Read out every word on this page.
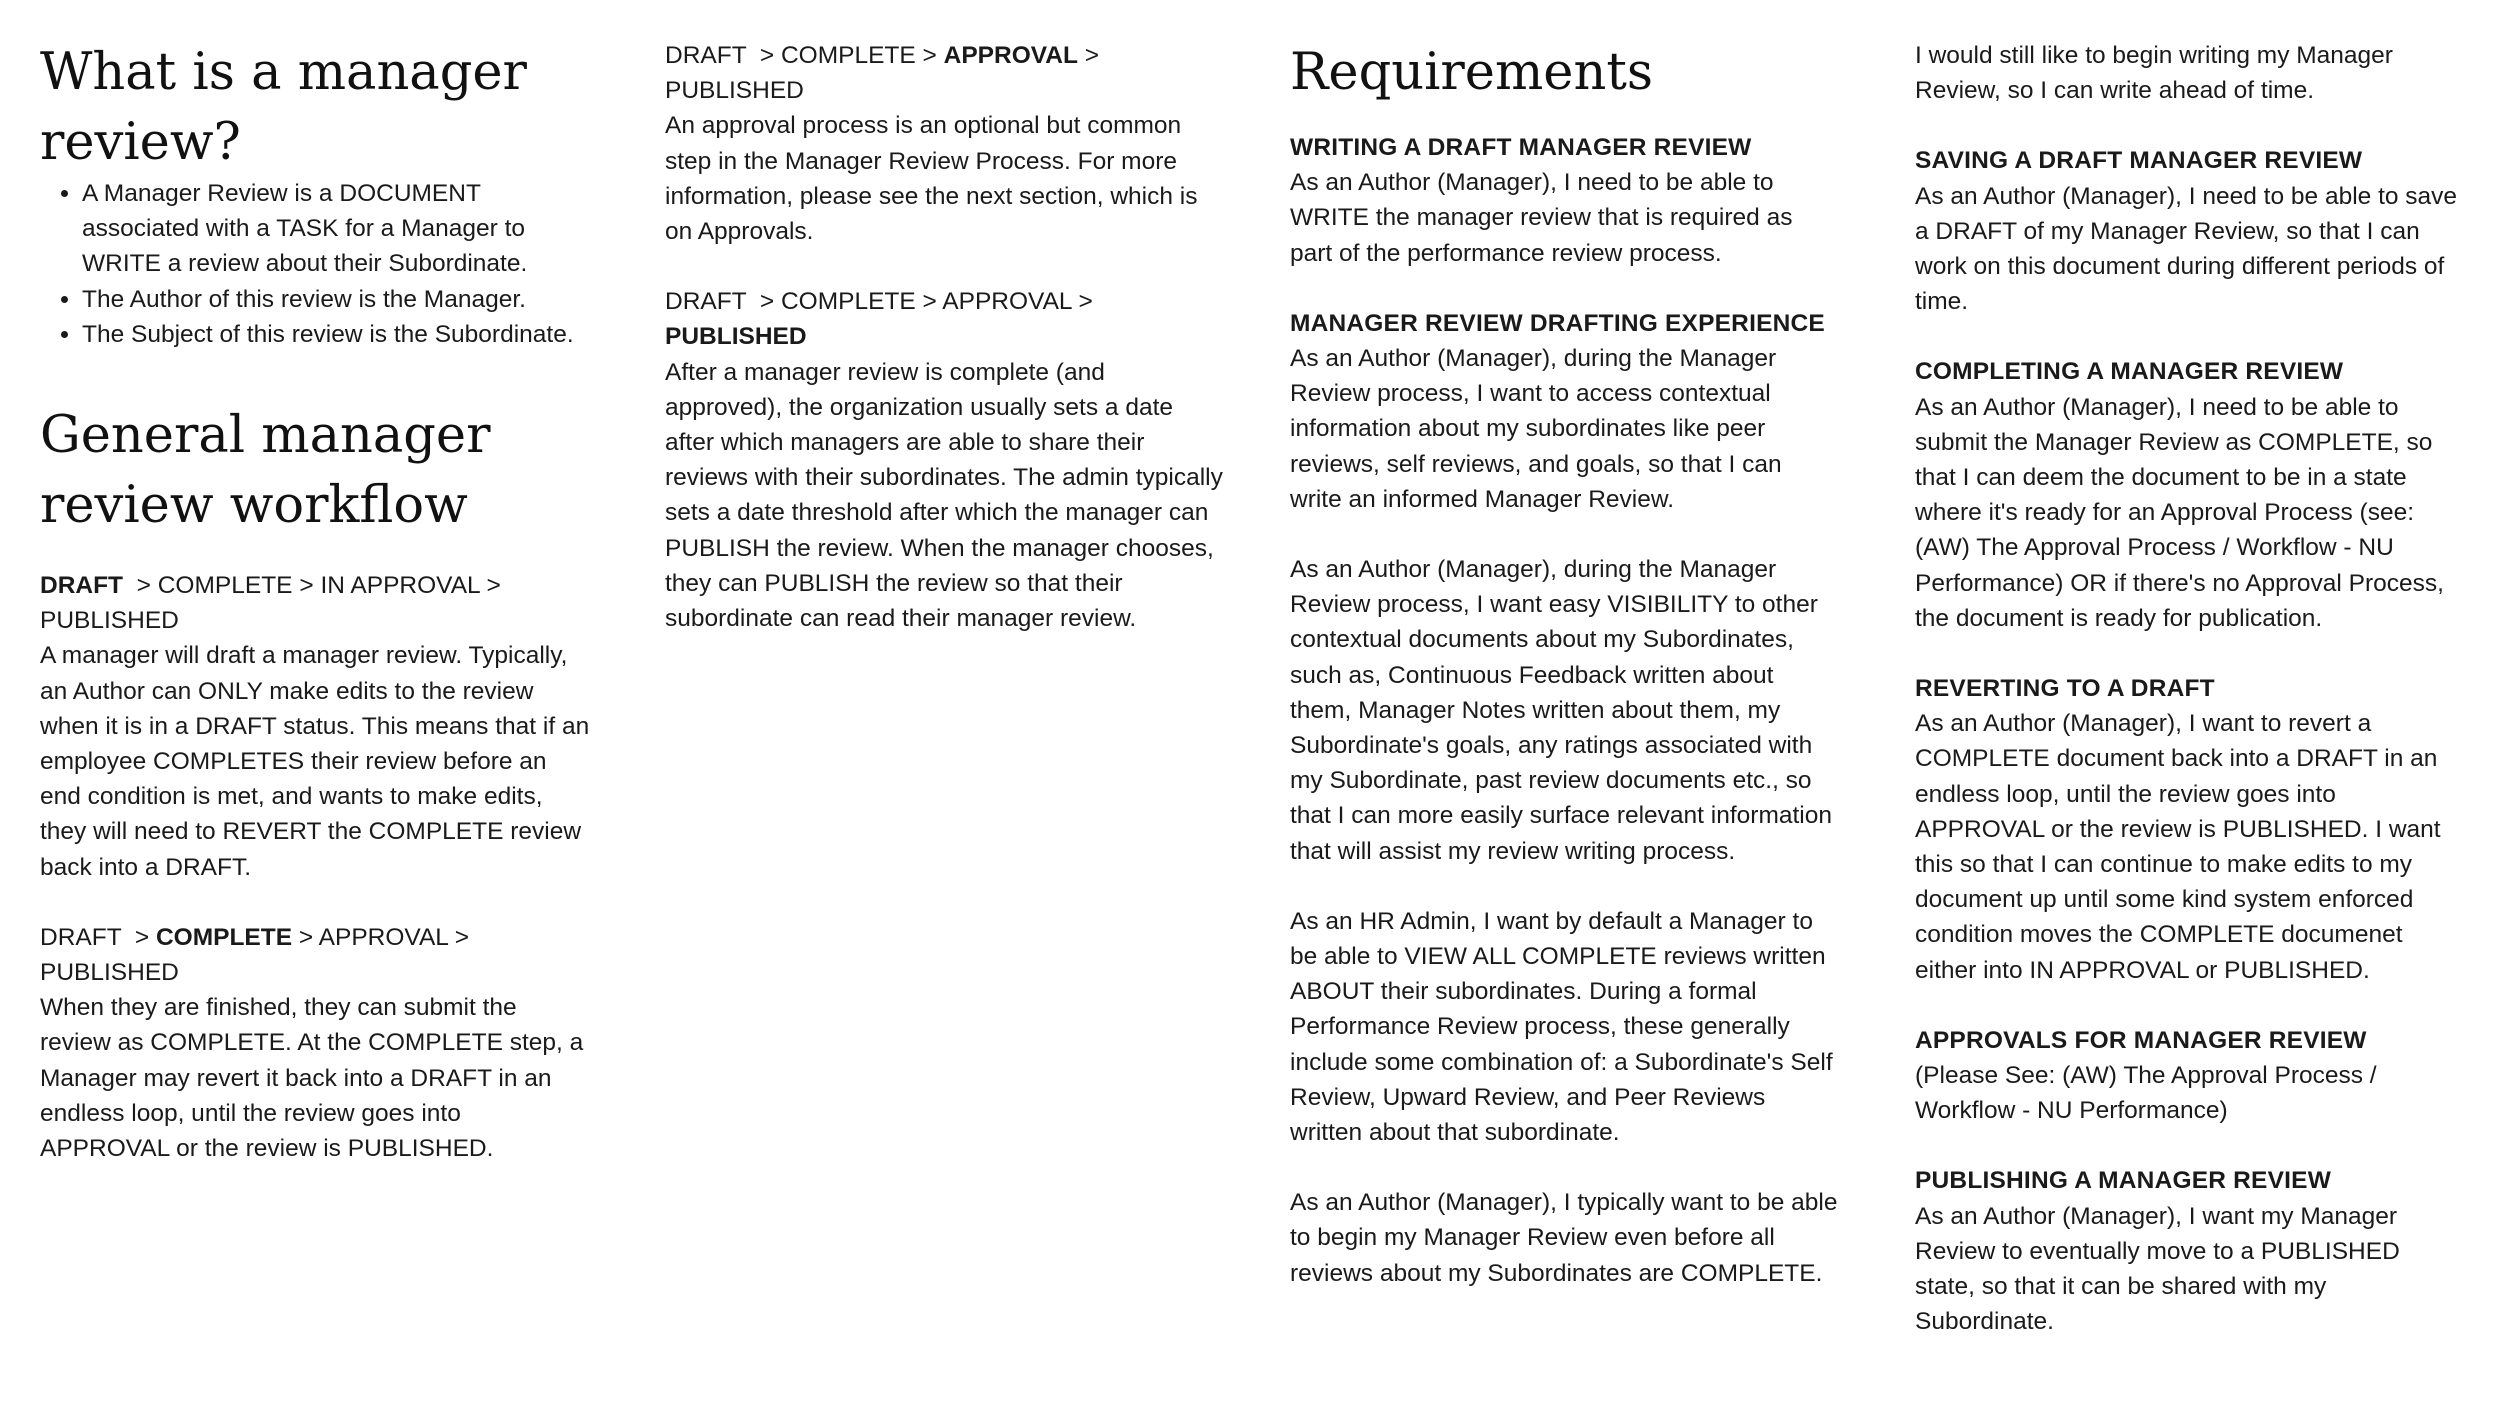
What is a manager review?
• A Manager Review is a DOCUMENT associated with a TASK for a Manager to WRITE a review about their Subordinate.
• The Author of this review is the Manager.
• The Subject of this review is the Subordinate.
General manager review workflow

DRAFT  > COMPLETE > IN APPROVAL > PUBLISHED

A manager will draft a manager review. Typically, an Author can ONLY make edits to the review when it is in a DRAFT status. This means that if an employee COMPLETES their review before an end condition is met, and wants to make edits, they will need to REVERT the COMPLETE review back into a DRAFT.

DRAFT  > COMPLETE > APPROVAL > PUBLISHED

When they are finished, they can submit the review as COMPLETE. At the COMPLETE step, a Manager may revert it back into a DRAFT in an endless loop, until the review goes into APPROVAL or the review is PUBLISHED.

DRAFT  > COMPLETE > APPROVAL > PUBLISHED

An approval process is an optional but common step in the Manager Review Process. For more information, please see the next section, which is on Approvals.

DRAFT  > COMPLETE > APPROVAL > PUBLISHED

After a manager review is complete (and approved), the organization usually sets a date after which managers are able to share their reviews with their subordinates. The admin typically sets a date threshold after which the manager can PUBLISH the review. When the manager chooses, they can PUBLISH the review so that their subordinate can read their manager review.

Requirements

WRITING A DRAFT MANAGER REVIEW

As an Author (Manager), I need to be able to WRITE the manager review that is required as part of the performance review process.

MANAGER REVIEW DRAFTING EXPERIENCE

As an Author (Manager), during the Manager Review process, I want to access contextual information about my subordinates like peer reviews, self reviews, and goals, so that I can write an informed Manager Review.

As an Author (Manager), during the Manager Review process, I want easy VISIBILITY to other contextual documents about my Subordinates, such as, Continuous Feedback written about them, Manager Notes written about them, my Subordinate's goals, any ratings associated with my Subordinate, past review documents etc., so that I can more easily surface relevant information that will assist my review writing process.

As an HR Admin, I want by default a Manager to be able to VIEW ALL COMPLETE reviews written ABOUT their subordinates. During a formal Performance Review process, these generally include some combination of: a Subordinate's Self Review, Upward Review, and Peer Reviews written about that subordinate.

As an Author (Manager), I typically want to be able to begin my Manager Review even before all reviews about my Subordinates are COMPLETE.

I would still like to begin writing my Manager Review, so I can write ahead of time.

SAVING A DRAFT MANAGER REVIEW

As an Author (Manager), I need to be able to save a DRAFT of my Manager Review, so that I can work on this document during different periods of time.

COMPLETING A MANAGER REVIEW

As an Author (Manager), I need to be able to submit the Manager Review as COMPLETE, so that I can deem the document to be in a state where it's ready for an Approval Process (see: (AW) The Approval Process / Workflow - NU Performance) OR if there's no Approval Process, the document is ready for publication.

REVERTING TO A DRAFT

As an Author (Manager), I want to revert a COMPLETE document back into a DRAFT in an endless loop, until the review goes into APPROVAL or the review is PUBLISHED. I want this so that I can continue to make edits to my document up until some kind system enforced condition moves the COMPLETE documenet either into IN APPROVAL or PUBLISHED.

APPROVALS FOR MANAGER REVIEW

(Please See: (AW) The Approval Process / Workflow - NU Performance)

PUBLISHING A MANAGER REVIEW

As an Author (Manager), I want my Manager Review to eventually move to a PUBLISHED state, so that it can be shared with my Subordinate.
